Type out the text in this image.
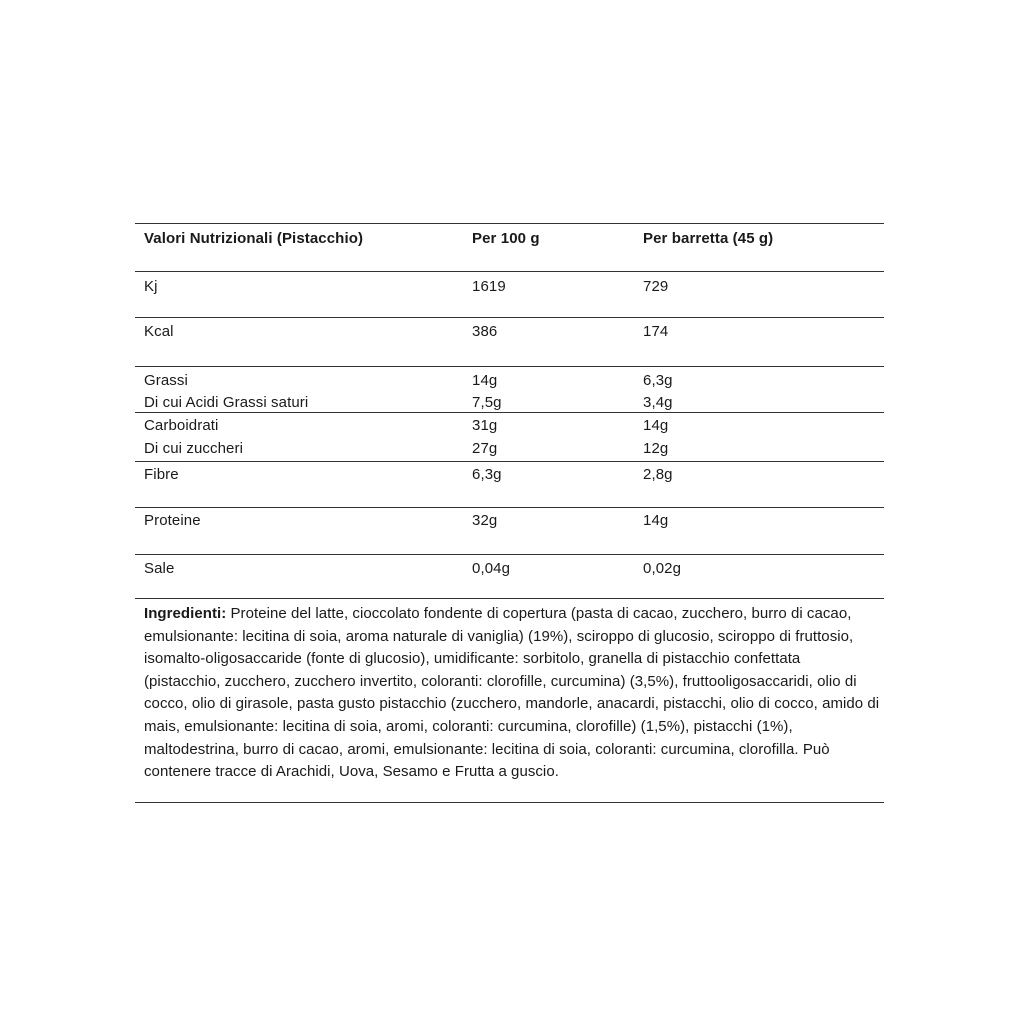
Valori Nutrizionali (Pistacchio)	Per 100 g	Per barretta (45 g)
Kj	1619	729
Kcal	386	174
Grassi	14g	6,3g
Di cui Acidi Grassi saturi	7,5g	3,4g
Carboidrati	31g	14g
Di cui zuccheri	27g	12g
Fibre	6,3g	2,8g
Proteine	32g	14g
Sale	0,04g	0,02g
Ingredienti: Proteine del latte, cioccolato fondente di copertura (pasta di cacao, zucchero, burro di cacao, emulsionante: lecitina di soia, aroma naturale di vaniglia) (19%), sciroppo di glucosio, sciroppo di fruttosio, isomalto-oligosaccaride (fonte di glucosio), umidificante: sorbitolo, granella di pistacchio confettata (pistacchio, zucchero, zucchero invertito, coloranti: clorofille, curcumina) (3,5%), fruttooligosaccaridi, olio di cocco, olio di girasole, pasta gusto pistacchio (zucchero, mandorle, anacardi, pistacchi, olio di cocco, amido di mais, emulsionante: lecitina di soia, aromi, coloranti: curcumina, clorofille) (1,5%), pistacchi (1%), maltodestrina, burro di cacao, aromi, emulsionante: lecitina di soia, coloranti: curcumina, clorofilla. Può contenere tracce di Arachidi, Uova, Sesamo e Frutta a guscio.
